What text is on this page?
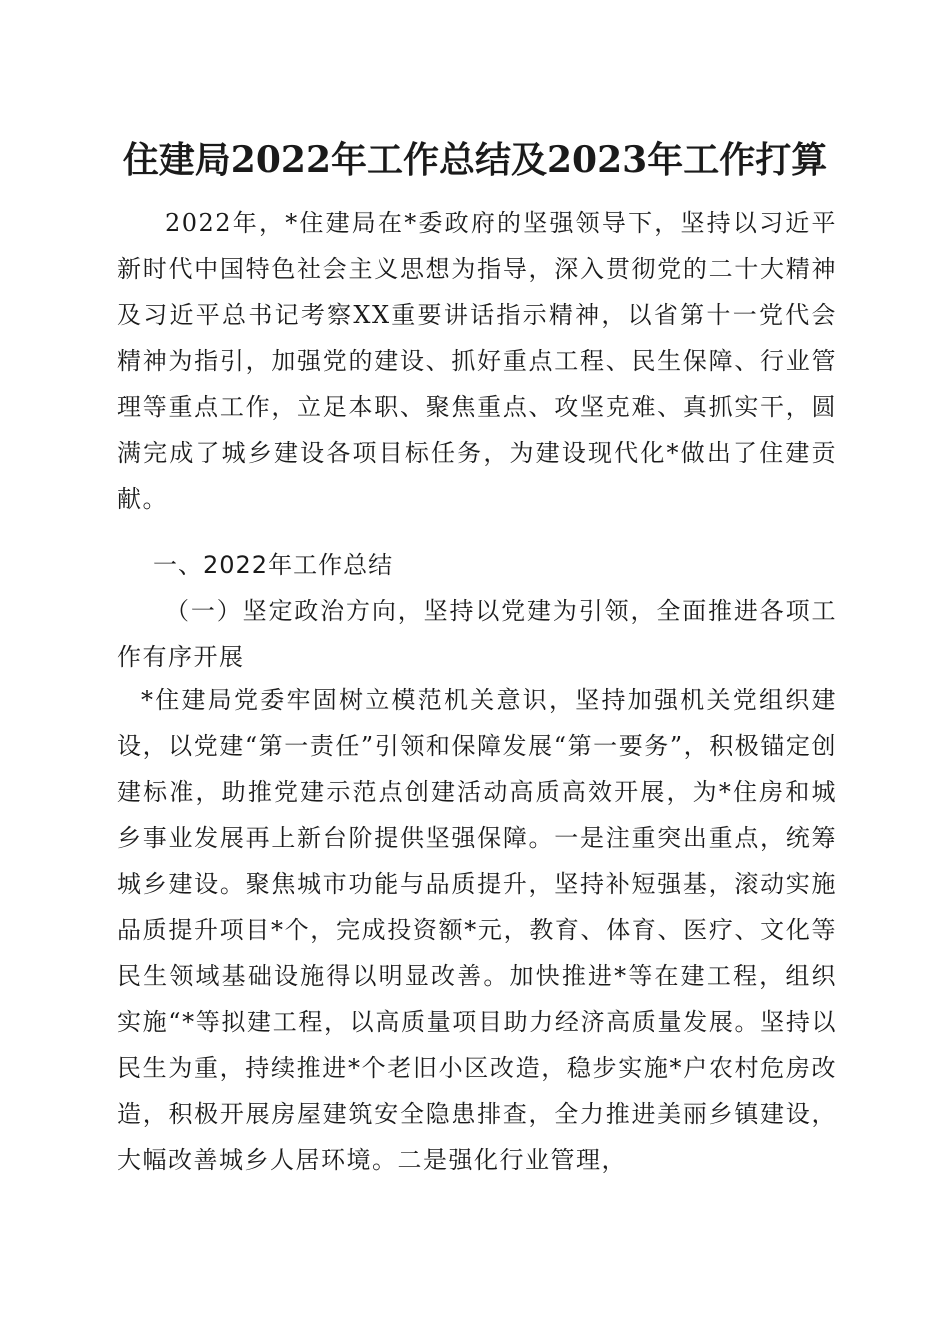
住建局2022年工作总结及2023年工作打算
2022年，*住建局在*委政府的坚强领导下，坚持以习近平新时代中国特色社会主义思想为指导，深入贯彻党的二十大精神及习近平总书记考察XX重要讲话指示精神，以省第十一党代会精神为指引，加强党的建设、抓好重点工程、民生保障、行业管理等重点工作，立足本职、聚焦重点、攻坚克难、真抓实干，圆满完成了城乡建设各项目标任务，为建设现代化*做出了住建贡献。
一、2022年工作总结
（一）坚定政治方向，坚持以党建为引领，全面推进各项工作有序开展
*住建局党委牢固树立模范机关意识，坚持加强机关党组织建设，以党建“第一责任”引领和保障发展“第一要务”，积极锚定创建标准，助推党建示范点创建活动高质高效开展，为*住房和城乡事业发展再上新台阶提供坚强保障。一是注重突出重点，统筹城乡建设。聚焦城市功能与品质提升，坚持补短强基，滚动实施品质提升项目*个，完成投资额*元，教育、体育、医疗、文化等民生领域基础设施得以明显改善。加快推进*等在建工程，组织实施“*等拟建工程，以高质量项目助力经济高质量发展。坚持以民生为重，持续推进*个老旧小区改造，稳步实施*户农村危房改造，积极开展房屋建筑安全隐患排查，全力推进美丽乡镇建设，大幅改善城乡人居环境。二是强化行业管理，
